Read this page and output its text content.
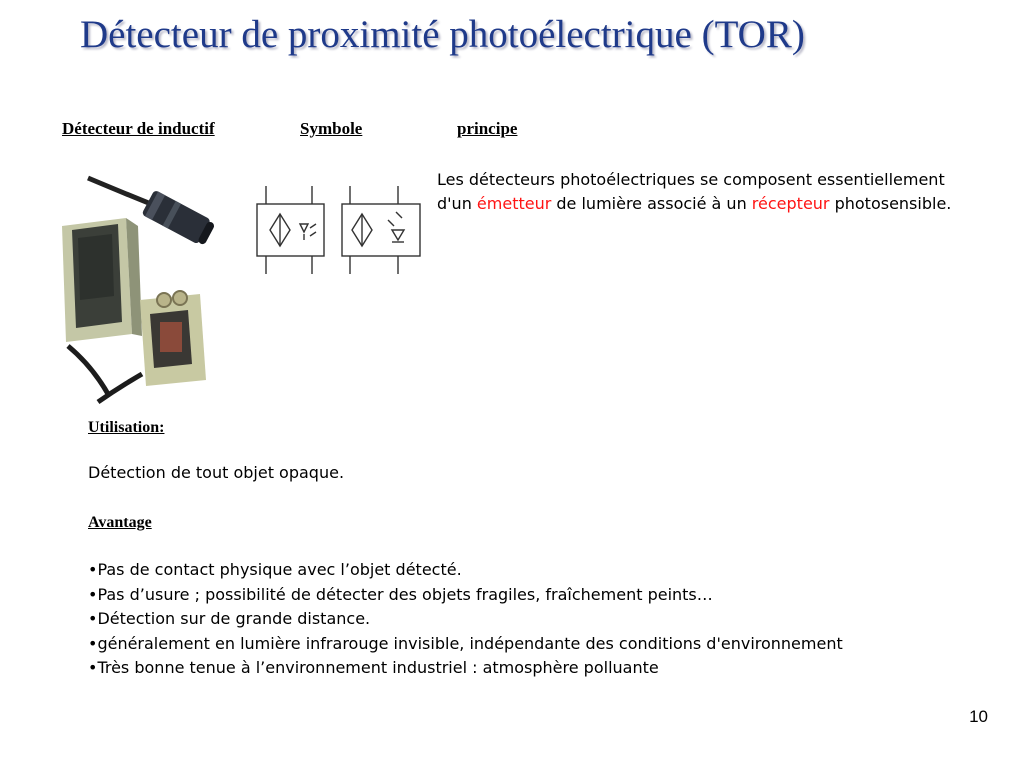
Détecteur de proximité photoélectrique (TOR)
Détecteur de inductif	Symbole	principe

Les détecteurs photoélectriques se composent essentiellement d'un émetteur de lumière associé à un récepteur photosensible.

Utilisation:

Détection de tout objet opaque.

Avantage
•Pas de contact physique avec l’objet détecté.
•Pas d’usure ; possibilité de détecter des objets fragiles, fraîchement peints…
•Détection sur de grande distance.
•généralement en lumière infrarouge invisible, indépendante des conditions d'environnement
•Très bonne tenue à l’environnement industriel : atmosphère polluante
10
